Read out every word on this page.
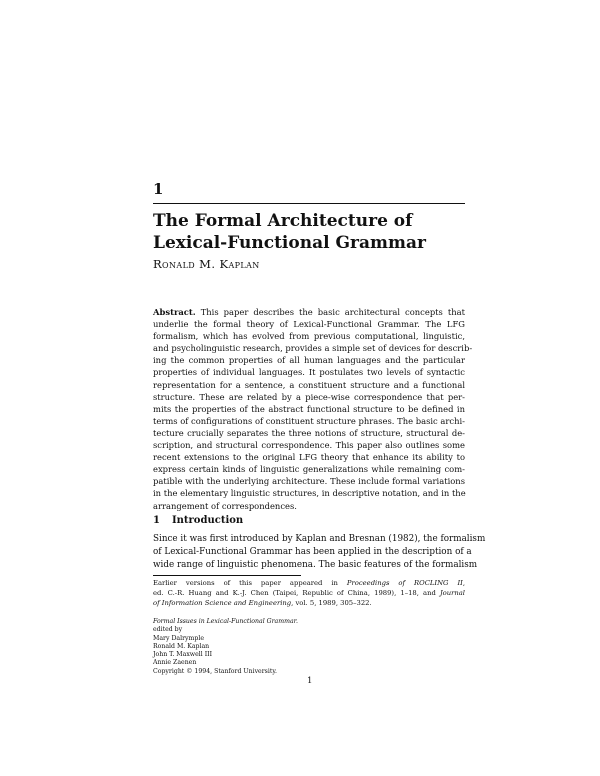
1
The Formal Architecture of
Lexical-Functional Grammar
Ronald M. Kaplan
Abstract. This paper describes the basic architectural concepts that
underlie the formal theory of Lexical-Functional Grammar. The LFG
formalism, which has evolved from previous computational, linguistic,
and psycholinguistic research, provides a simple set of devices for describ-
ing the common properties of all human languages and the particular
properties of individual languages. It postulates two levels of syntactic
representation for a sentence, a constituent structure and a functional
structure. These are related by a piece-wise correspondence that per-
mits the properties of the abstract functional structure to be defined in
terms of configurations of constituent structure phrases. The basic archi-
tecture crucially separates the three notions of structure, structural de-
scription, and structural correspondence. This paper also outlines some
recent extensions to the original LFG theory that enhance its ability to
express certain kinds of linguistic generalizations while remaining com-
patible with the underlying architecture. These include formal variations
in the elementary linguistic structures, in descriptive notation, and in the
arrangement of correspondences.
1 Introduction
Since it was first introduced by Kaplan and Bresnan (1982), the formalism
of Lexical-Functional Grammar has been applied in the description of a
wide range of linguistic phenomena. The basic features of the formalism
Earlier versions of this paper appeared in Proceedings of ROCLING II,
ed. C.-R. Huang and K.-J. Chen (Taipei, Republic of China, 1989), 1–18, and Journal
of Information Science and Engineering, vol. 5, 1989, 305–322.
Formal Issues in Lexical-Functional Grammar.
edited by
Mary Dalrymple
Ronald M. Kaplan
John T. Maxwell III
Annie Zaenen
Copyright © 1994, Stanford University.
1
